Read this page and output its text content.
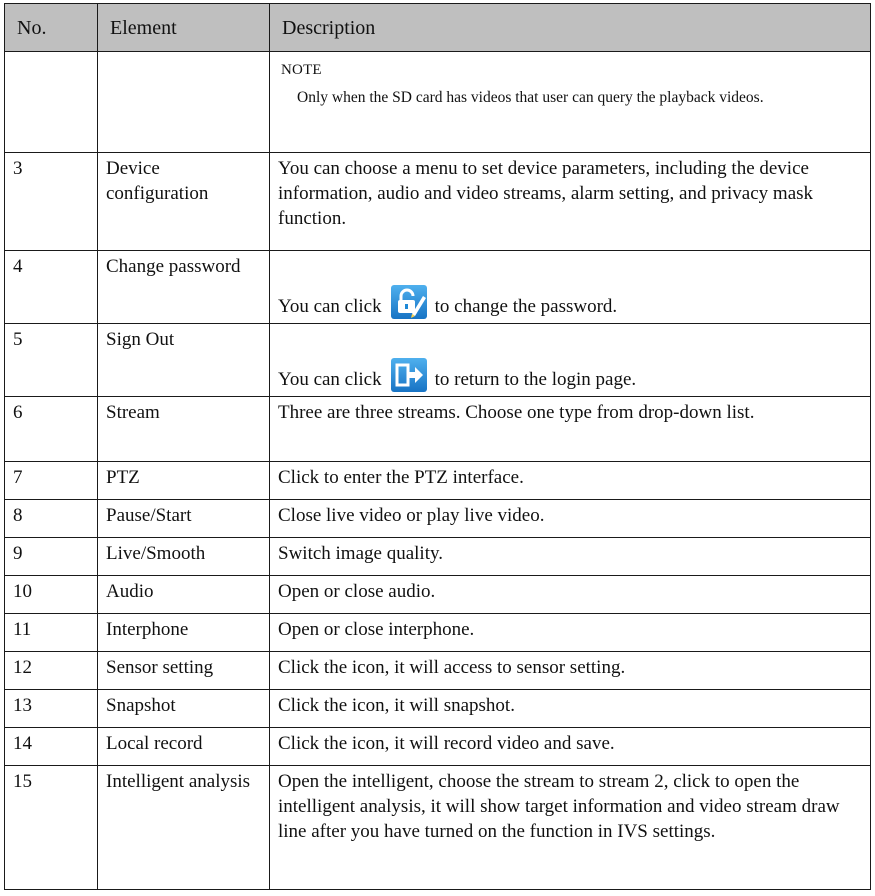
No.	Element	Description

		NOTE
Only when the SD card has videos that user can query the playback videos.

3	Device configuration	You can choose a menu to set device parameters, including the device information, audio and video streams, alarm setting, and privacy mask function.
4	Change password	You can click to change the password.

5	Sign Out	You can click to return to the login page.

6	Stream	Three are three streams. Choose one type from drop-down list.
7	PTZ	Click to enter the PTZ interface.
8	Pause/Start	Close live video or play live video.
9	Live/Smooth	Switch image quality.
10	Audio	Open or close audio.
11	Interphone	Open or close interphone.
12	Sensor setting	Click the icon, it will access to sensor setting.
13	Snapshot	Click the icon, it will snapshot.
14	Local record	Click the icon, it will record video and save.
15	Intelligent analysis	Open the intelligent, choose the stream to stream 2, click to open the intelligent analysis, it will show target information and video stream draw line after you have turned on the function in IVS settings.
